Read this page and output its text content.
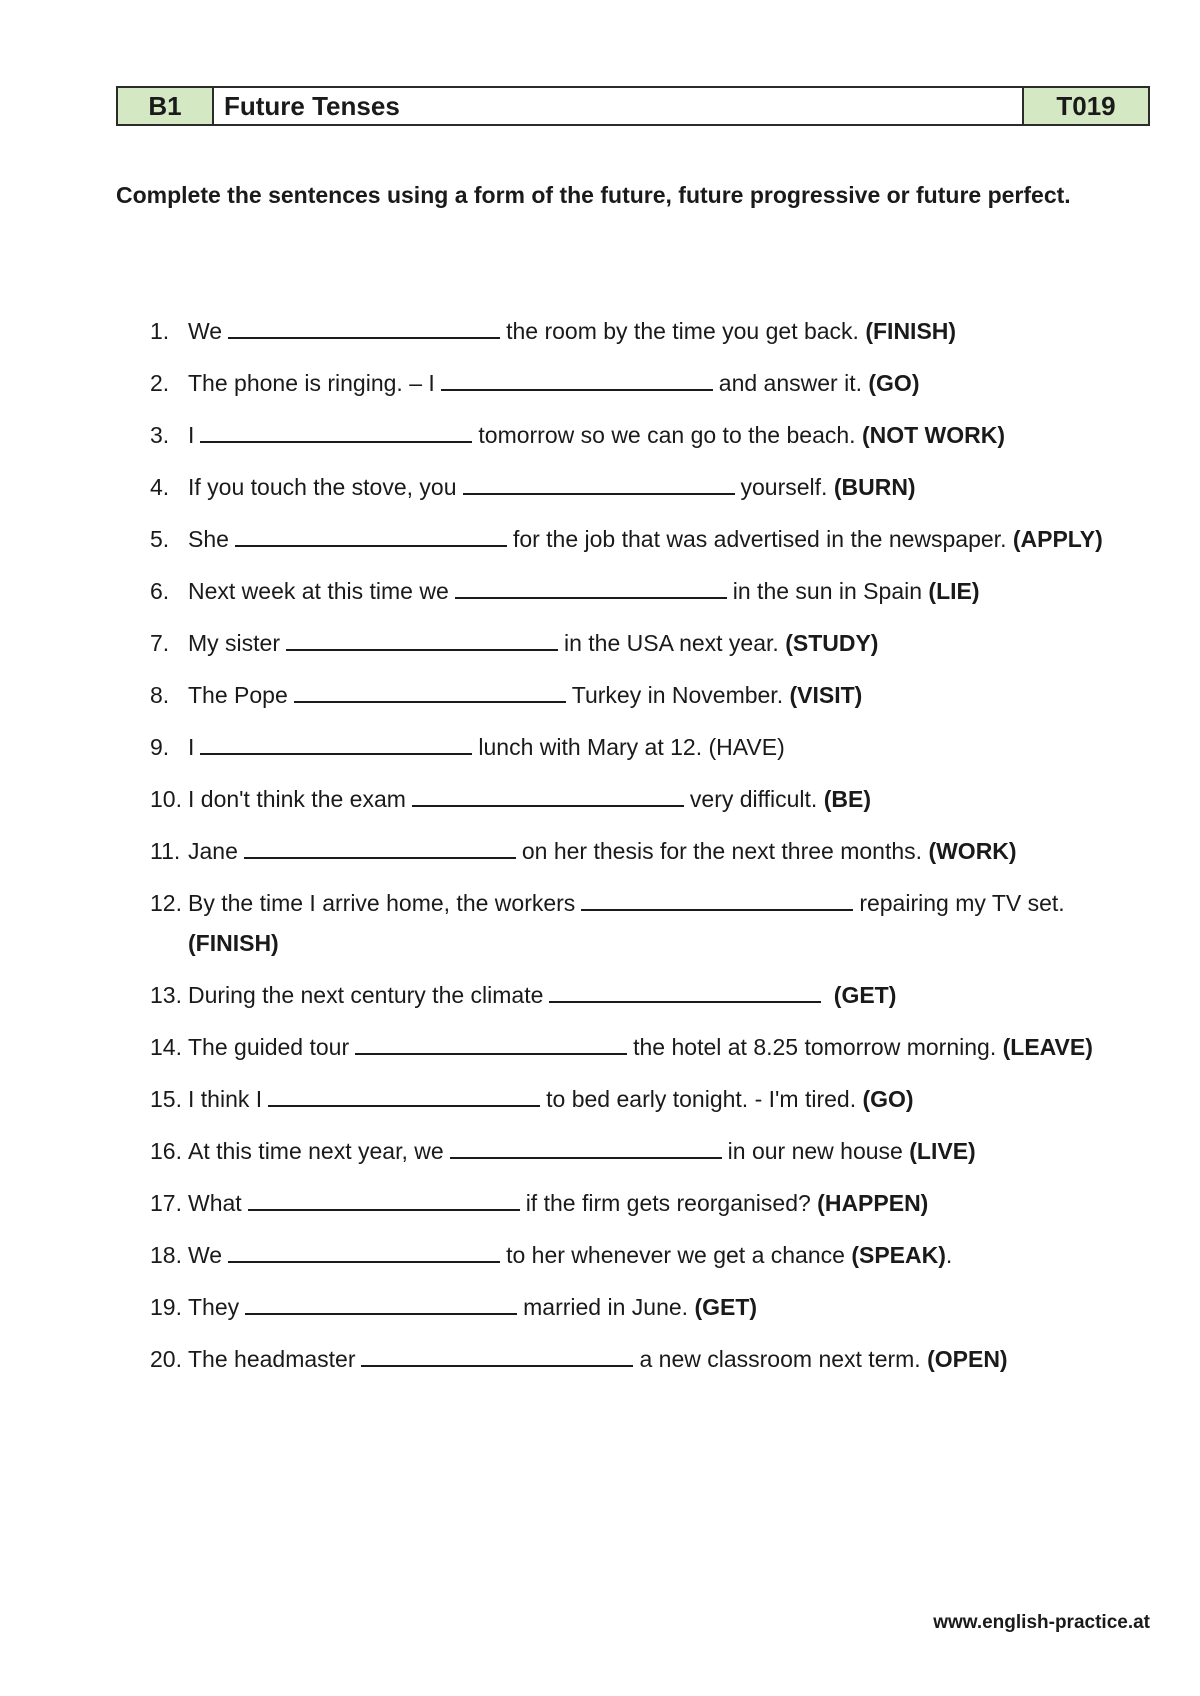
B1	Future Tenses	T019
Complete the sentences using a form of the future, future progressive or future perfect.
1. We	the room by the time you get back. (FINISH)
2. The phone is ringing. – I	and answer it. (GO)
3. I	tomorrow so we can go to the beach. (NOT WORK)
4. If you touch the stove, you	yourself. (BURN)
5. She	for the job that was advertised in the newspaper. (APPLY)
6. Next week at this time we	in the sun in Spain (LIE)
7. My sister	in the USA next year. (STUDY)
8. The Pope	Turkey in November. (VISIT)
9. I	lunch with Mary at 12. (HAVE)
10. I don't think the exam	very difficult. (BE)
11. Jane	on her thesis for the next three months. (WORK)
12. By the time I arrive home, the workers	repairing my TV set. (FINISH)
13. During the next century the climate	(GET)
14. The guided tour	the hotel at 8.25 tomorrow morning. (LEAVE)
15. I think I	to bed early tonight. - I'm tired. (GO)
16. At this time next year, we	in our new house (LIVE)
17. What	if the firm gets reorganised? (HAPPEN)
18. We	to her whenever we get a chance (SPEAK).
19. They	married in June. (GET)
20. The headmaster	a new classroom next term. (OPEN)
www.english-practice.at
